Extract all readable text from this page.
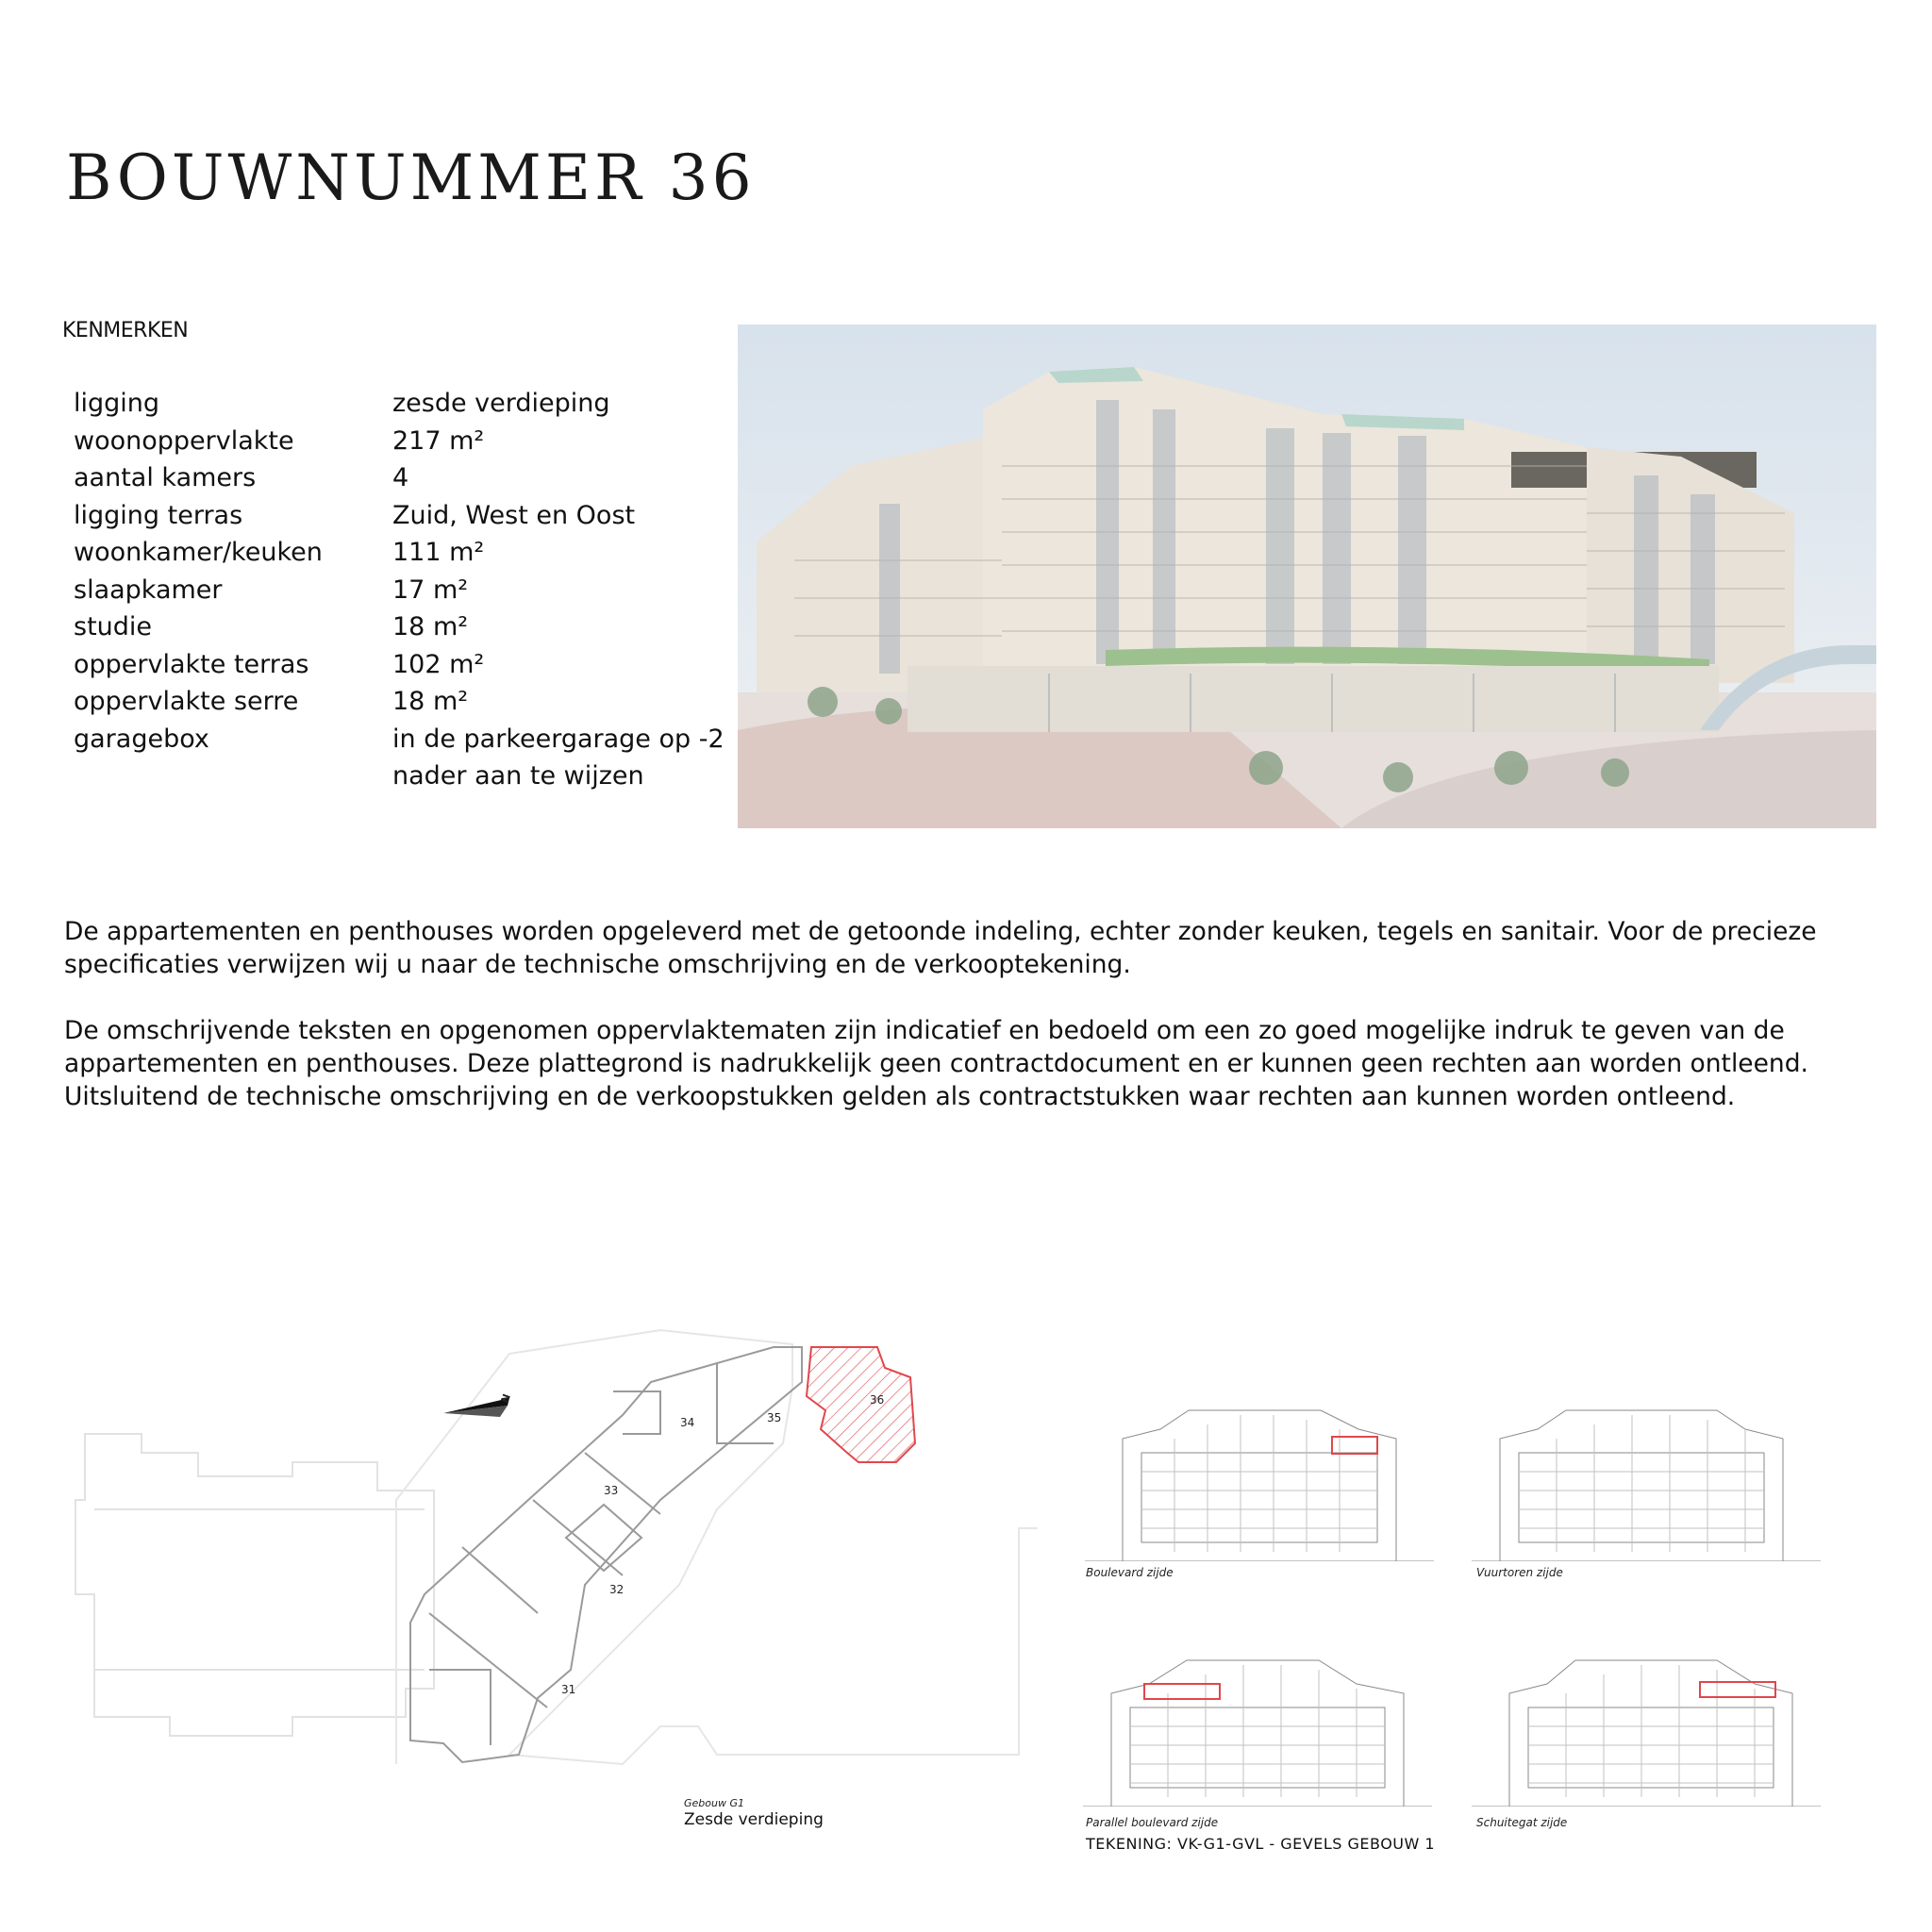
BOUWNUMMER 36
KENMERKEN
ligging	zesde verdieping
woonoppervlakte	217 m²
aantal kamers	4
ligging terras	Zuid, West en Oost
woonkamer/keuken	111 m²
slaapkamer	17 m²
studie	18 m²
oppervlakte terras	102 m²
oppervlakte serre	18 m²
garagebox	in de parkeergarage op -2
nader aan te wijzen

De appartementen en penthouses worden opgeleverd met de getoonde indeling, echter zonder keuken, tegels en sanitair. Voor de precieze specificaties verwijzen wij u naar de technische omschrijving en de verkooptekening.

De omschrijvende teksten en opgenomen oppervlaktematen zijn indicatief en bedoeld om een zo goed mogelijke indruk te geven van de appartementen en penthouses. Deze plattegrond is nadrukkelijk geen contractdocument en er kunnen geen rechten aan worden ontleend. Uitsluitend de technische omschrijving en de verkoopstukken gelden als contractstukken waar rechten aan kunnen worden ontleend.

36
35
34
33
32
31
N
Gebouw G1
Zesde verdieping
Boulevard zijde	Vuurtoren zijde
Parallel boulevard zijde	Schuitegat zijde
TEKENING: VK-G1-GVL - GEVELS GEBOUW 1
